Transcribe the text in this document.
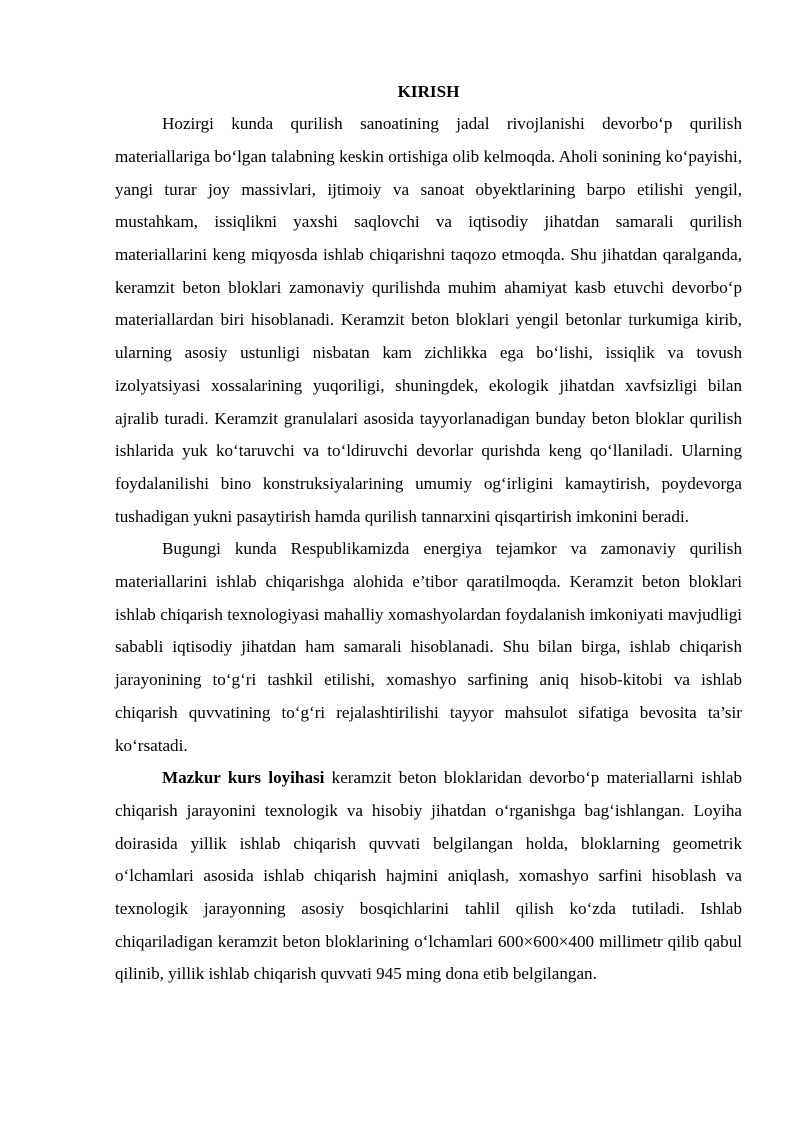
KIRISH

Hozirgi kunda qurilish sanoatining jadal rivojlanishi devorbo‘p qurilish materiallariga bo‘lgan talabning keskin ortishiga olib kelmoqda. Aholi sonining ko‘payishi, yangi turar joy massivlari, ijtimoiy va sanoat obyektlarining barpo etilishi yengil, mustahkam, issiqlikni yaxshi saqlovchi va iqtisodiy jihatdan samarali qurilish materiallarini keng miqyosda ishlab chiqarishni taqozo etmoqda. Shu jihatdan qaralganda, keramzit beton bloklari zamonaviy qurilishda muhim ahamiyat kasb etuvchi devorbo‘p materiallardan biri hisoblanadi. Keramzit beton bloklari yengil betonlar turkumiga kirib, ularning asosiy ustunligi nisbatan kam zichlikka ega bo‘lishi, issiqlik va tovush izolyatsiyasi xossalarining yuqoriligi, shuningdek, ekologik jihatdan xavfsizligi bilan ajralib turadi. Keramzit granulalari asosida tayyorlanadigan bunday beton bloklar qurilish ishlarida yuk ko‘taruvchi va to‘ldiruvchi devorlar qurishda keng qo‘llaniladi. Ularning foydalanilishi bino konstruksiyalarining umumiy og‘irligini kamaytirish, poydevorga tushadigan yukni pasaytirish hamda qurilish tannarxini qisqartirish imkonini beradi.

Bugungi kunda Respublikamizda energiya tejamkor va zamonaviy qurilish materiallarini ishlab chiqarishga alohida e’tibor qaratilmoqda. Keramzit beton bloklari ishlab chiqarish texnologiyasi mahalliy xomashyolardan foydalanish imkoniyati mavjudligi sababli iqtisodiy jihatdan ham samarali hisoblanadi. Shu bilan birga, ishlab chiqarish jarayonining to‘g‘ri tashkil etilishi, xomashyo sarfining aniq hisob-kitobi va ishlab chiqarish quvvatining to‘g‘ri rejalashtirilishi tayyor mahsulot sifatiga bevosita ta’sir ko‘rsatadi.

Mazkur kurs loyihasi keramzit beton bloklaridan devorbo‘p materiallarni ishlab chiqarish jarayonini texnologik va hisobiy jihatdan o‘rganishga bag‘ishlangan. Loyiha doirasida yillik ishlab chiqarish quvvati belgilangan holda, bloklarning geometrik o‘lchamlari asosida ishlab chiqarish hajmini aniqlash, xomashyo sarfini hisoblash va texnologik jarayonning asosiy bosqichlarini tahlil qilish ko‘zda tutiladi. Ishlab chiqariladigan keramzit beton bloklarining o‘lchamlari 600×600×400 millimetr qilib qabul qilinib, yillik ishlab chiqarish quvvati 945 ming dona etib belgilangan.
